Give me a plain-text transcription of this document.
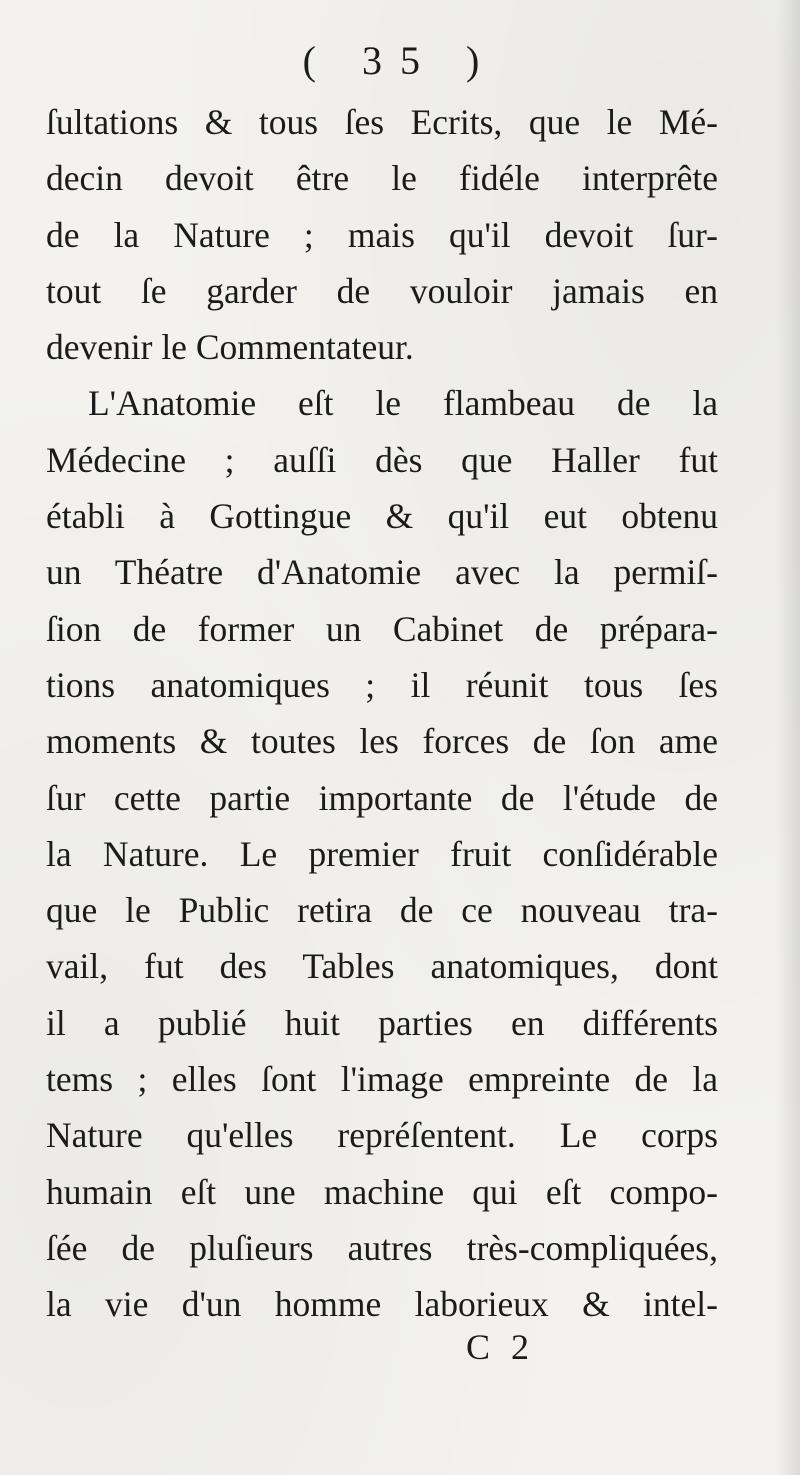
( 35 )
ſultations & tous ſes Ecrits, que le Mé-
decin devoit être le fidéle interprête
de la Nature ; mais qu'il devoit ſur-
tout ſe garder de vouloir jamais en
devenir le Commentateur.
L'Anatomie eſt le flambeau de la
Médecine ; auſſi dès que Haller fut
établi à Gottingue & qu'il eut obtenu
un Théatre d'Anatomie avec la permiſ-
ſion de former un Cabinet de prépara-
tions anatomiques ; il réunit tous ſes
moments & toutes les forces de ſon ame
ſur cette partie importante de l'étude de
la Nature. Le premier fruit conſidérable
que le Public retira de ce nouveau tra-
vail, fut des Tables anatomiques, dont
il a publié huit parties en différents
tems ; elles ſont l'image empreinte de la
Nature qu'elles repréſentent. Le corps
humain eſt une machine qui eſt compo-
ſée de pluſieurs autres très-compliquées,
la vie d'un homme laborieux & intel-
C 2
